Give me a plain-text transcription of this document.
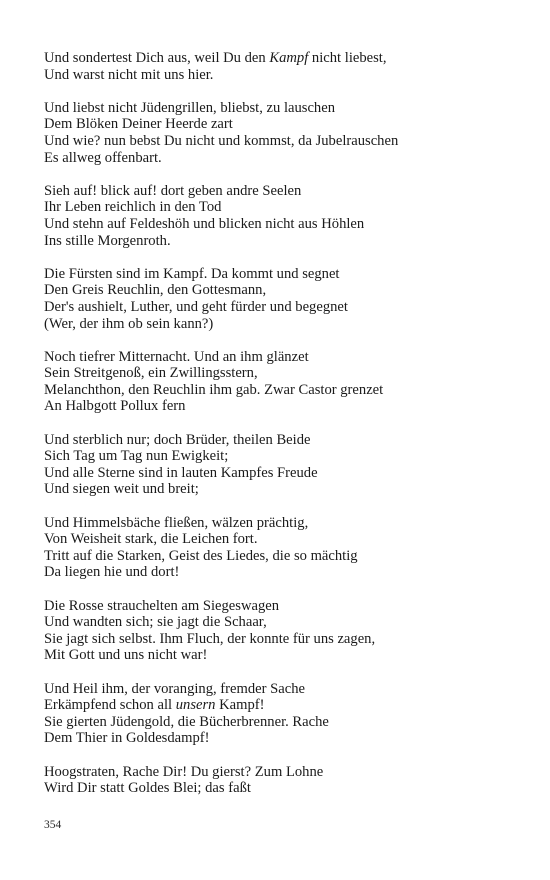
Und sondertest Dich aus, weil Du den Kampf nicht liebest,
Und warst nicht mit uns hier.
Und liebst nicht Jüdengrillen, bliebst, zu lauschen
Dem Blöken Deiner Heerde zart
Und wie? nun bebst Du nicht und kommst, da Jubelrauschen
Es allweg offenbart.
Sieh auf! blick auf! dort geben andre Seelen
Ihr Leben reichlich in den Tod
Und stehn auf Feldeshöh und blicken nicht aus Höhlen
Ins stille Morgenroth.
Die Fürsten sind im Kampf. Da kommt und segnet
Den Greis Reuchlin, den Gottesmann,
Der's aushielt, Luther, und geht fürder und begegnet
(Wer, der ihm ob sein kann?)
Noch tiefrer Mitternacht. Und an ihm glänzet
Sein Streitgenoß, ein Zwillingsstern,
Melanchthon, den Reuchlin ihm gab. Zwar Castor grenzet
An Halbgott Pollux fern
Und sterblich nur; doch Brüder, theilen Beide
Sich Tag um Tag nun Ewigkeit;
Und alle Sterne sind in lauten Kampfes Freude
Und siegen weit und breit;
Und Himmelsbäche fließen, wälzen prächtig,
Von Weisheit stark, die Leichen fort.
Tritt auf die Starken, Geist des Liedes, die so mächtig
Da liegen hie und dort!
Die Rosse strauchelten am Siegeswagen
Und wandten sich; sie jagt die Schaar,
Sie jagt sich selbst. Ihm Fluch, der konnte für uns zagen,
Mit Gott und uns nicht war!
Und Heil ihm, der voranging, fremder Sache
Erkämpfend schon all unsern Kampf!
Sie gierten Jüdengold, die Bücherbrenner. Rache
Dem Thier in Goldesdampf!
Hoogstraten, Rache Dir! Du gierst? Zum Lohne
Wird Dir statt Goldes Blei; das faßt
354
